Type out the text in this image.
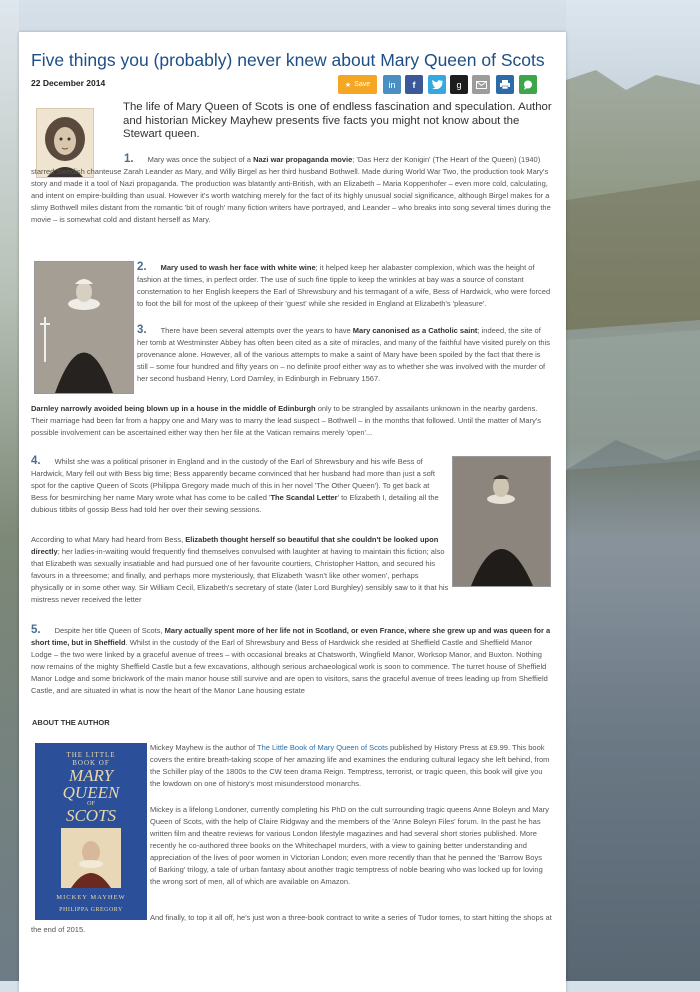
Five things you (probably) never knew about Mary Queen of Scots
22 December 2014	★ Save in f	g
The life of Mary Queen of Scots is one of endless fascination and speculation. Author and historian Mickey Mayhew presents five facts you might not know about the Stewart queen.
1. Mary was once the subject of a Nazi war propaganda movie; 'Das Herz der Konigin' (The Heart of the Queen) (1940) starred Swedish chanteuse Zarah Leander as Mary, and Willy Birgel as her third husband Bothwell. Made during World War Two, the production took Mary's story and made it a tool of Nazi propaganda. The production was blatantly anti-British, with an Elizabeth – Maria Koppenhofer – even more cold, calculating, and intent on empire-building than usual. However it's worth watching merely for the fact of its highly unusual social significance, although Birgel makes for a slimy Bothwell miles distant from the romantic 'bit of rough' many fiction writers have portrayed, and Leander – who breaks into song several times during the movie – is somewhat cold and distant herself as Mary.
2. Mary used to wash her face with white wine; it helped keep her alabaster complexion, which was the height of fashion at the times, in perfect order. The use of such fine tipple to keep the wrinkles at bay was a source of constant consternation to her English keepers the Earl of Shrewsbury and his termagant of a wife, Bess of Hardwick, who were forced to foot the bill for most of the upkeep of their 'guest' while she resided in England at Elizabeth's 'pleasure'.
3. There have been several attempts over the years to have Mary canonised as a Catholic saint; indeed, the site of her tomb at Westminster Abbey has often been cited as a site of miracles, and many of the faithful have visited purely on this provenance alone. However, all of the various attempts to make a saint of Mary have been spoiled by the fact that there is still – some four hundred and fifty years on – no definite proof either way as to whether she was involved with the murder of her second husband Henry, Lord Darnley, in Edinburgh in February 1567.
Darnley narrowly avoided being blown up in a house in the middle of Edinburgh only to be strangled by assailants unknown in the nearby gardens. Their marriage had been far from a happy one and Mary was to marry the lead suspect – Bothwell – in the months that followed. Until the matter of Mary's possible involvement can be ascertained either way then her file at the Vatican remains merely 'open'...
4. Whilst she was a political prisoner in England and in the custody of the Earl of Shrewsbury and his wife Bess of Hardwick, Mary fell out with Bess big time; Bess apparently became convinced that her husband had more than just a soft spot for the captive Queen of Scots (Philippa Gregory made much of this in her novel 'The Other Queen'). To get back at Bess for besmirching her name Mary wrote what has come to be called 'The Scandal Letter' to Elizabeth I, detailing all the dubious titbits of gossip Bess had told her over their sewing sessions.
According to what Mary had heard from Bess, Elizabeth thought herself so beautiful that she couldn't be looked upon directly; her ladies-in-waiting would frequently find themselves convulsed with laughter at having to maintain this fiction; also that Elizabeth was sexually insatiable and had pursued one of her favourite courtiers, Christopher Hatton, and secured his favours in a threesome; and finally, and perhaps more mysteriously, that Elizabeth 'wasn't like other women', perhaps physically or in some other way. Sir William Cecil, Elizabeth's secretary of state (later Lord Burghley) sensibly saw to it that his mistress never received the letter
5. Despite her title Queen of Scots, Mary actually spent more of her life not in Scotland, or even France, where she grew up and was queen for a short time, but in Sheffield. Whilst in the custody of the Earl of Shrewsbury and Bess of Hardwick she resided at Sheffield Castle and Sheffield Manor Lodge – the two were linked by a graceful avenue of trees – with occasional breaks at Chatsworth, Wingfield Manor, Worksop Manor, and Buxton. Nothing now remains of the mighty Sheffield Castle but a few excavations, although serious archaeological work is soon to commence. The turret house of Sheffield Manor Lodge and some brickwork of the main manor house still survive and are open to visitors, sans the graceful avenue of trees leading up from Sheffield Castle, and are situated in what is now the heart of the Manor Lane housing estate
ABOUT THE AUTHOR
THE LITTLE
BOOK OF
MARY
QUEEN
OF
SCOTS
MICKEY MAYHEW
PHILIPPA GREGORY
Mickey Mayhew is the author of The Little Book of Mary Queen of Scots published by History Press at £9.99. This book covers the entire breath-taking scope of her amazing life and examines the enduring cultural legacy she left behind, from the Schiller play of the 1800s to the CW teen drama Reign. Temptress, terrorist, or tragic queen, this book will give you the lowdown on one of history's most misunderstood monarchs.
Mickey is a lifelong Londoner, currently completing his PhD on the cult surrounding tragic queens Anne Boleyn and Mary Queen of Scots, with the help of Claire Ridgway and the members of the 'Anne Boleyn Files' forum. In the past he has written film and theatre reviews for various London lifestyle magazines and had several short stories published. More recently he co-authored three books on the Whitechapel murders, with a view to gaining better understanding and appreciation of the lives of poor women in Victorian London; even more recently than that he penned the 'Barrow Boys of Barking' trilogy, a tale of urban fantasy about another tragic temptress of noble bearing who was locked up for loving the wrong sort of men, all of which are available on Amazon.
And finally, to top it all off, he's just won a three-book contract to write a series of Tudor tomes, to start hitting the shops at the end of 2015.
